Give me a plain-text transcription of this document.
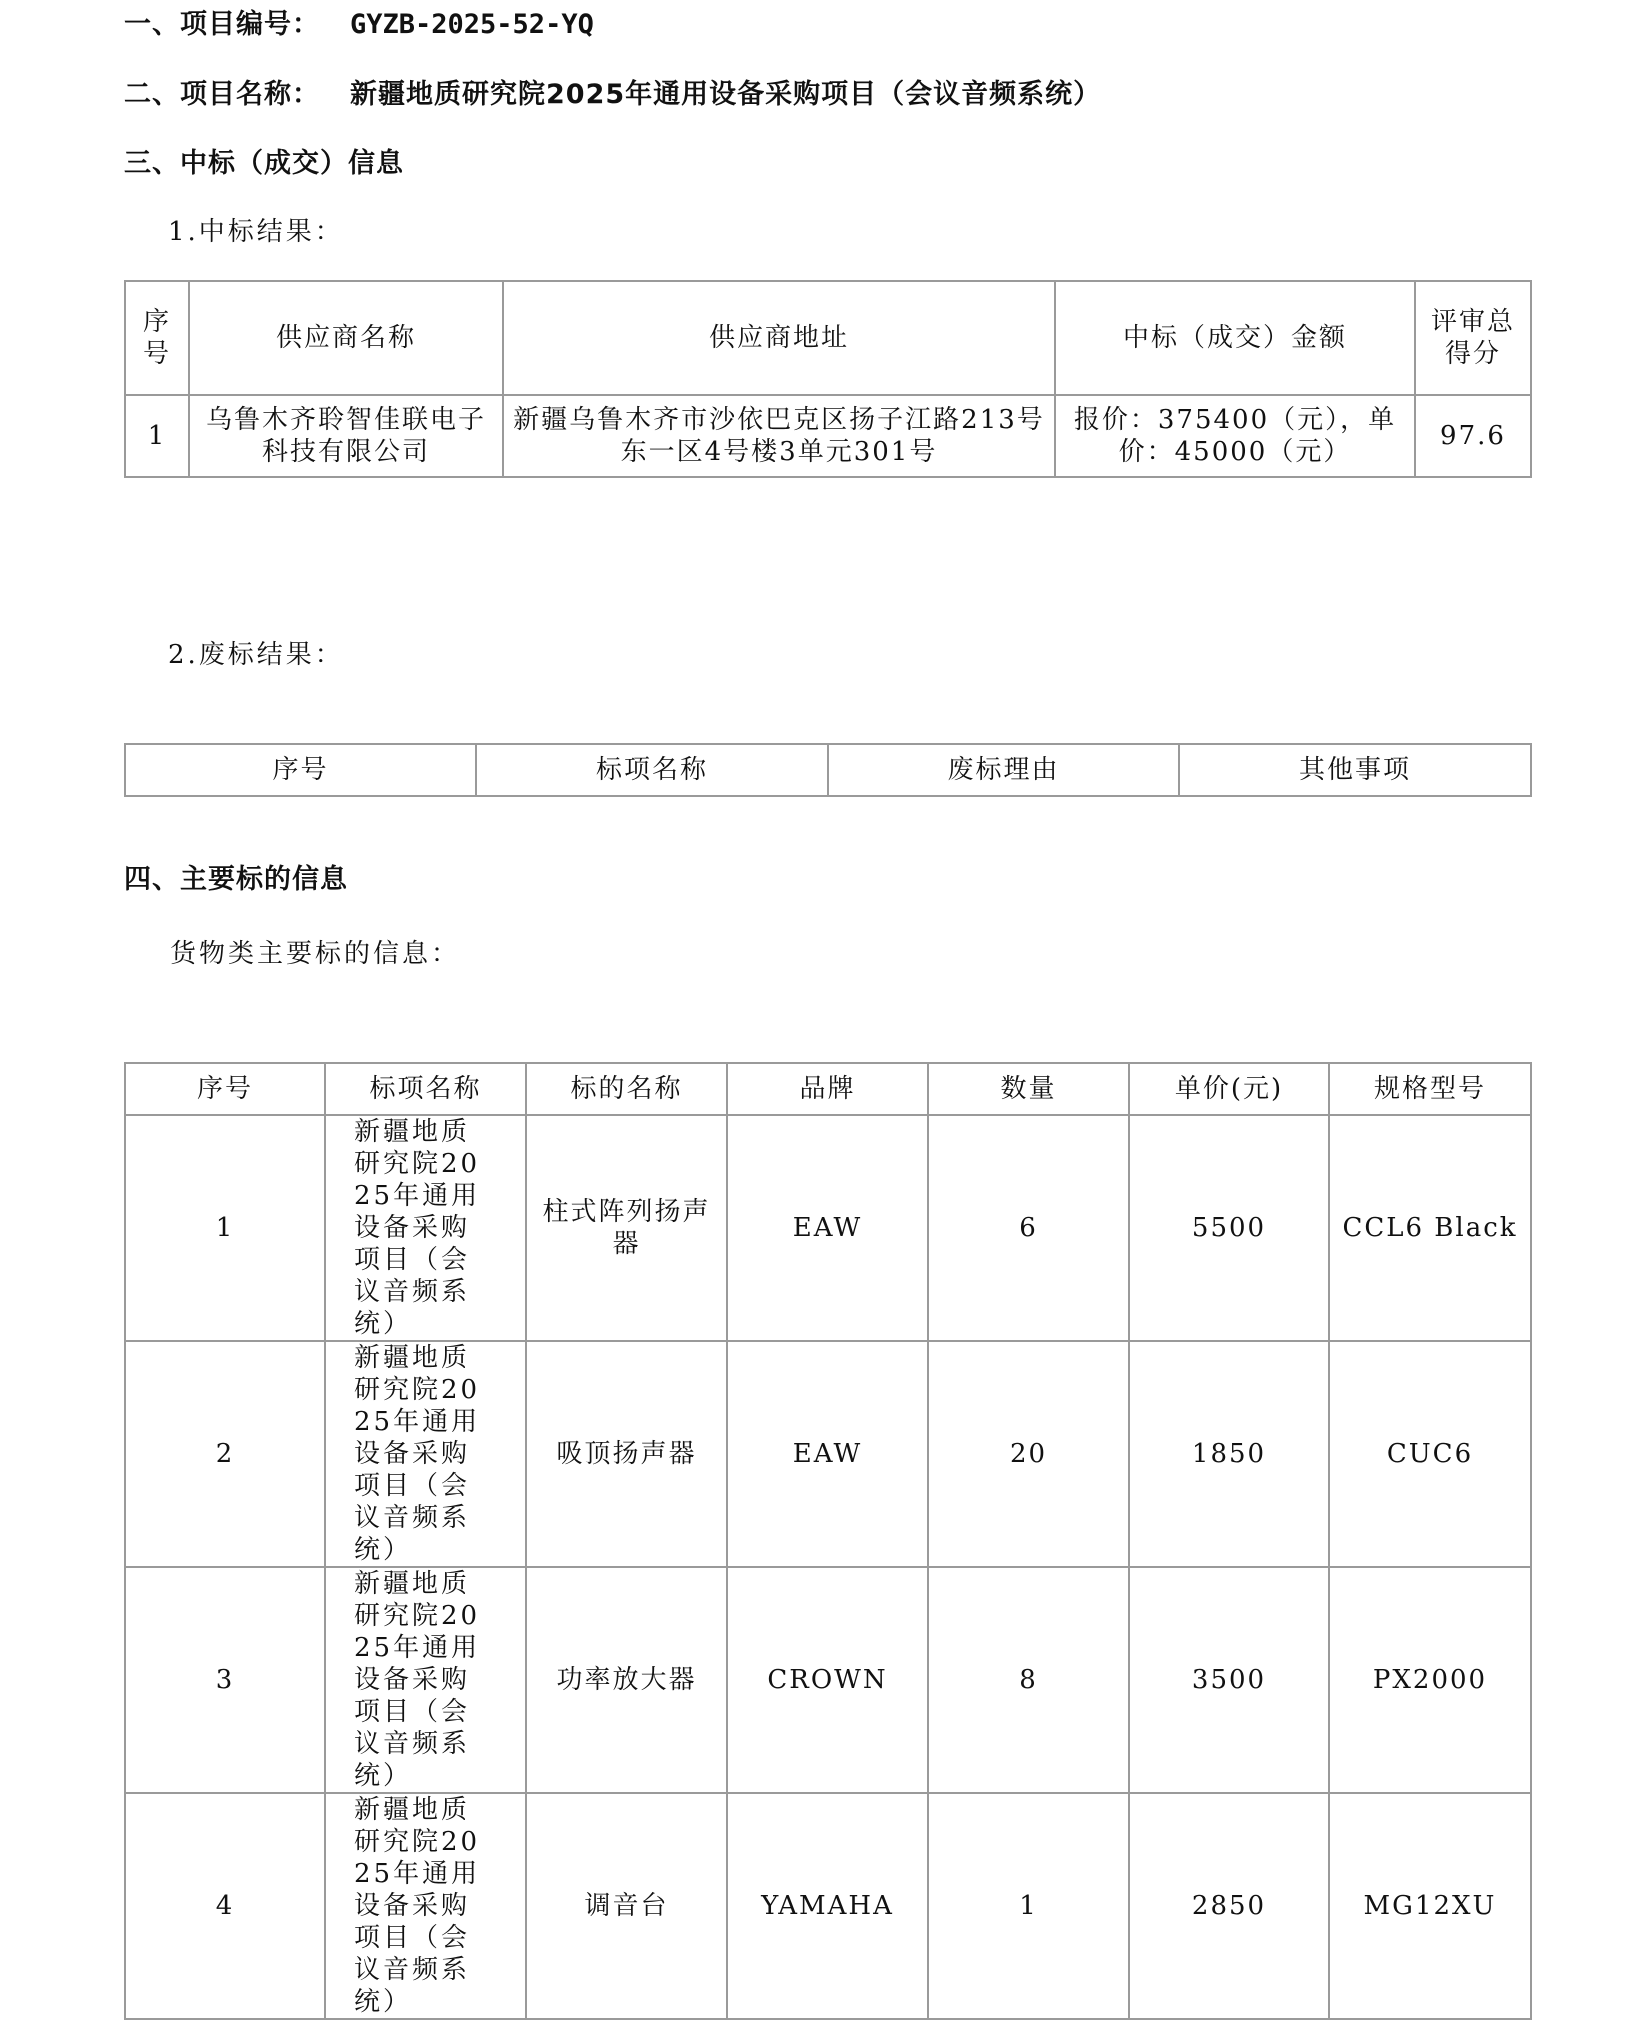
一、项目编号： GYZB-2025-52-YQ
二、项目名称： 新疆地质研究院2025年通用设备采购项目（会议音频系统）
三、中标（成交）信息
1.中标结果：
序号	供应商名称	供应商地址	中标（成交）金额	评审总得分
1	乌鲁木齐聆智佳联电子科技有限公司	新疆乌鲁木齐市沙依巴克区扬子江路213号东一区4号楼3单元301号	报价：375400（元），单价：45000（元）	97.6
2.废标结果：
序号	标项名称	废标理由	其他事项
四、主要标的信息
货物类主要标的信息：
序号	标项名称	标的名称	品牌	数量	单价(元)	规格型号
1	新疆地质研究院2025年通用设备采购项目（会议音频系统）	柱式阵列扬声器	EAW	6	5500	CCL6 Black
2	新疆地质研究院2025年通用设备采购项目（会议音频系统）	吸顶扬声器	EAW	20	1850	CUC6
3	新疆地质研究院2025年通用设备采购项目（会议音频系统）	功率放大器	CROWN	8	3500	PX2000
4	新疆地质研究院2025年通用设备采购项目（会议音频系统）	调音台	YAMAHA	1	2850	MG12XU
